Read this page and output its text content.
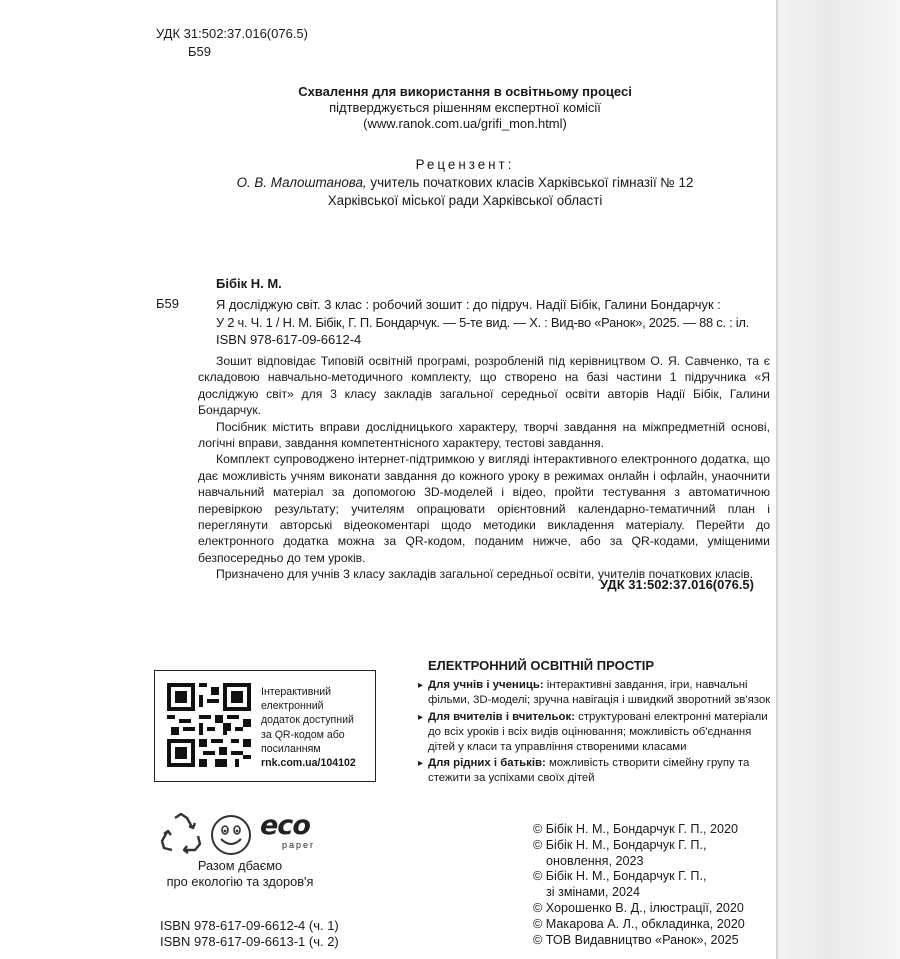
УДК 31:502:37.016(076.5)
Б59
Схвалення для використання в освітньому процесі
підтверджується рішенням експертної комісії
(www.ranok.com.ua/grifi_mon.html)
Рецензент:
О. В. Малоштанова, учитель початкових класів Харківської гімназії № 12
Харківської міської ради Харківської області
Бібік Н. М.
Б59	Я досліджую світ. 3 клас : робочий зошит : до підруч. Надії Бібік, Галини Бондарчук :
У 2 ч. Ч. 1 / Н. М. Бібік, Г. П. Бондарчук. — 5-те вид. — Х. : Вид-во «Ранок», 2025. — 88 с. : іл.
ISBN 978-617-09-6612-4
Зошит відповідає Типовій освітній програмі, розробленій під керівництвом О. Я. Савченко, та є складовою навчально-методичного комплекту, що створено на базі частини 1 підручника «Я досліджую світ» для 3 класу закладів загальної середньої освіти авторів Надії Бібік, Галини Бондарчук.
Посібник містить вправи дослідницького характеру, творчі завдання на міжпредметній основі, логічні вправи, завдання компетентнісного характеру, тестові завдання.
Комплект супроводжено інтернет-підтримкою у вигляді інтерактивного електронного додатка, що дає можливість учням виконати завдання до кожного уроку в режимах онлайн і офлайн, унаочнити навчальний матеріал за допомогою 3D-моделей і відео, пройти тестування з автоматичною перевіркою результату; учителям опрацювати орієнтовний календарно-тематичний план і переглянути авторські відеокоментарі щодо методики викладення матеріалу. Перейти до електронного додатка можна за QR-кодом, поданим нижче, або за QR-кодами, уміщеними безпосередньо до тем уроків.
Призначено для учнів 3 класу закладів загальної середньої освіти, учителів початкових класів.
УДК 31:502:37.016(076.5)
Інтерактивний
електронний
додаток доступний
за QR-кодом або
посиланням
rnk.com.ua/104102
ЕЛЕКТРОННИЙ ОСВІТНІЙ ПРОСТІР
▸ Для учнів і учениць: інтерактивні завдання, ігри, навчальні фільми, 3D-моделі; зручна навігація і швидкий зворотний зв'язок
▸ Для вчителів і вчительок: структуровані електронні матеріали до всіх уроків і всіх видів оцінювання; можливість об'єднання дітей у класи та управління створеними класами
▸ Для рідних і батьків: можливість створити сімейну групу та стежити за успіхами своїх дітей
eco
paper
Разом дбаємо
про екологію та здоров'я
© Бібік Н. М., Бондарчук Г. П., 2020
© Бібік Н. М., Бондарчук Г. П.,
оновлення, 2023
© Бібік Н. М., Бондарчук Г. П.,
зі змінами, 2024
© Хорошенко В. Д., ілюстрації, 2020
© Макарова А. Л., обкладинка, 2020
© ТОВ Видавництво «Ранок», 2025
ISBN 978-617-09-6612-4 (ч. 1)
ISBN 978-617-09-6613-1 (ч. 2)
